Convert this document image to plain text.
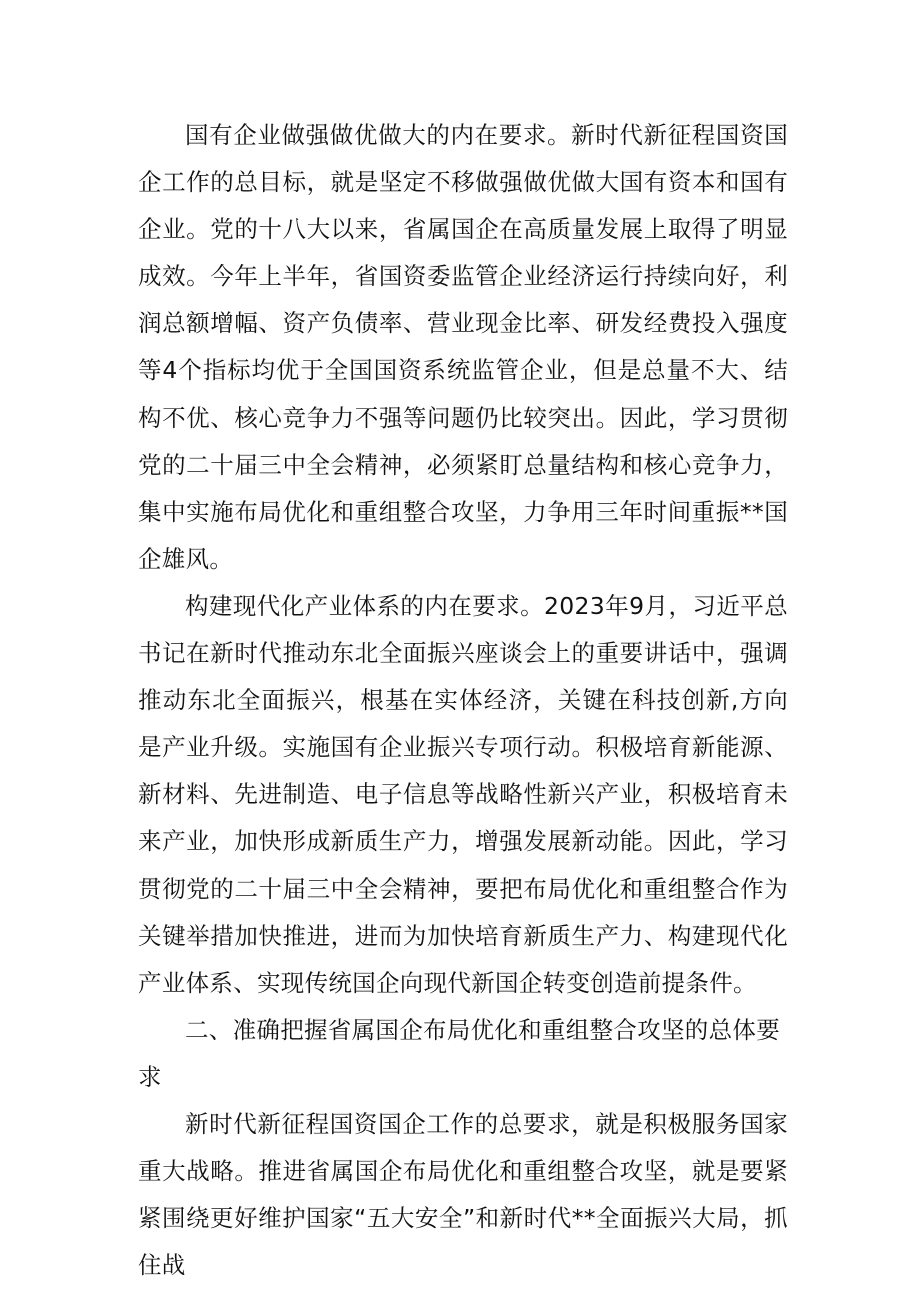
国有企业做强做优做大的内在要求。新时代新征程国资国企工作的总目标，就是坚定不移做强做优做大国有资本和国有企业。党的十八大以来，省属国企在高质量发展上取得了明显成效。今年上半年，省国资委监管企业经济运行持续向好，利润总额增幅、资产负债率、营业现金比率、研发经费投入强度等4个指标均优于全国国资系统监管企业，但是总量不大、结构不优、核心竞争力不强等问题仍比较突出。因此，学习贯彻党的二十届三中全会精神，必须紧盯总量结构和核心竞争力，集中实施布局优化和重组整合攻坚，力争用三年时间重振**国企雄风。

构建现代化产业体系的内在要求。2023年9月，习近平总书记在新时代推动东北全面振兴座谈会上的重要讲话中，强调推动东北全面振兴，根基在实体经济，关键在科技创新,方向是产业升级。实施国有企业振兴专项行动。积极培育新能源、新材料、先进制造、电子信息等战略性新兴产业，积极培育未来产业，加快形成新质生产力，增强发展新动能。因此，学习贯彻党的二十届三中全会精神，要把布局优化和重组整合作为关键举措加快推进，进而为加快培育新质生产力、构建现代化产业体系、实现传统国企向现代新国企转变创造前提条件。

二、准确把握省属国企布局优化和重组整合攻坚的总体要求

新时代新征程国资国企工作的总要求，就是积极服务国家重大战略。推进省属国企布局优化和重组整合攻坚，就是要紧紧围绕更好维护国家“五大安全”和新时代**全面振兴大局，抓住战
